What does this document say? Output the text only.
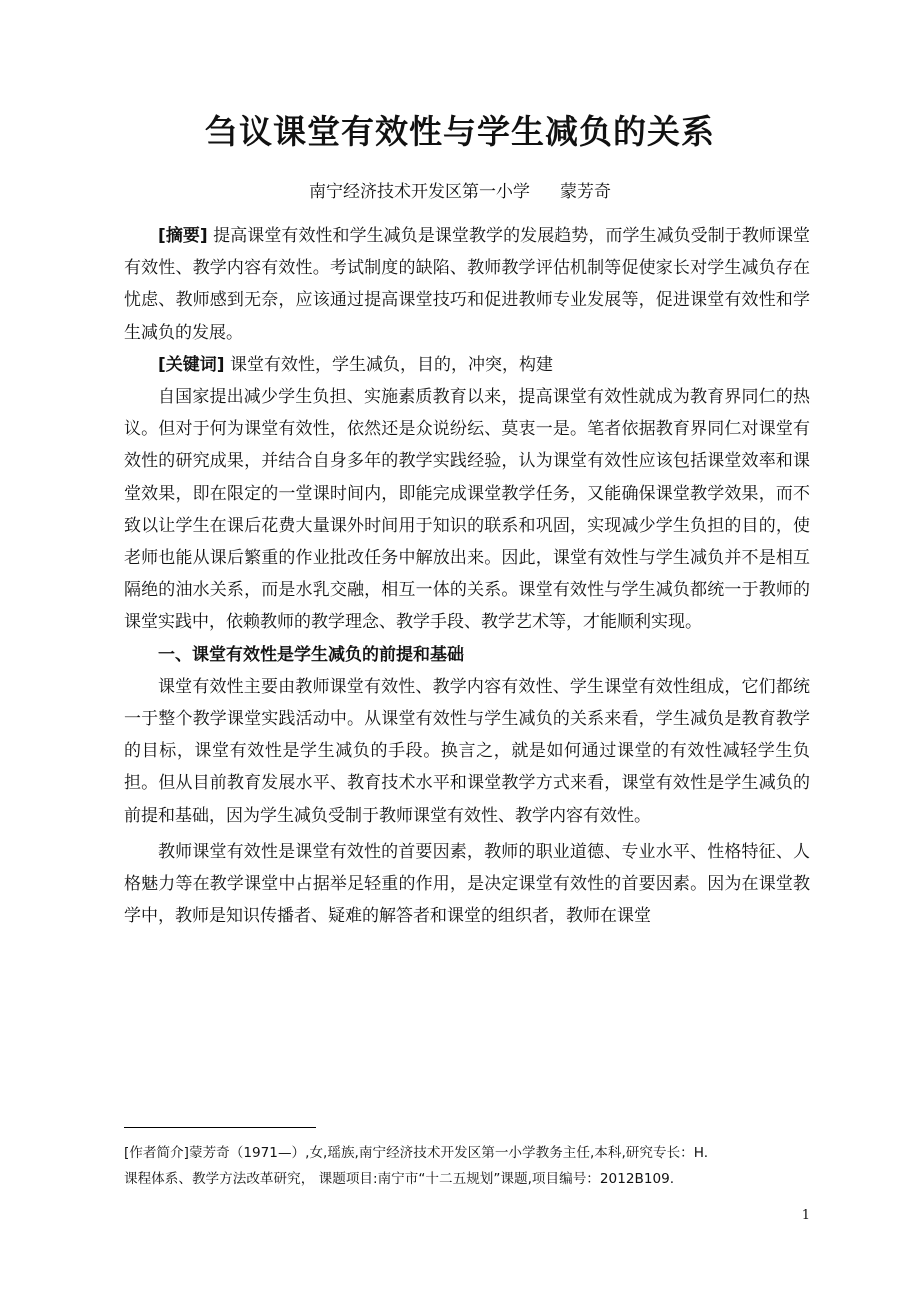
刍议课堂有效性与学生减负的关系
南宁经济技术开发区第一小学 蒙芳奇

[摘要] 提高课堂有效性和学生减负是课堂教学的发展趋势，而学生减负受制于教师课堂有效性、教学内容有效性。考试制度的缺陷、教师教学评估机制等促使家长对学生减负存在忧虑、教师感到无奈，应该通过提高课堂技巧和促进教师专业发展等，促进课堂有效性和学生减负的发展。

[关键词] 课堂有效性，学生减负，目的，冲突，构建

自国家提出减少学生负担、实施素质教育以来，提高课堂有效性就成为教育界同仁的热议。但对于何为课堂有效性，依然还是众说纷纭、莫衷一是。笔者依据教育界同仁对课堂有效性的研究成果，并结合自身多年的教学实践经验，认为课堂有效性应该包括课堂效率和课堂效果，即在限定的一堂课时间内，即能完成课堂教学任务，又能确保课堂教学效果，而不致以让学生在课后花费大量课外时间用于知识的联系和巩固，实现减少学生负担的目的，使老师也能从课后繁重的作业批改任务中解放出来。因此，课堂有效性与学生减负并不是相互隔绝的油水关系，而是水乳交融，相互一体的关系。课堂有效性与学生减负都统一于教师的课堂实践中，依赖教师的教学理念、教学手段、教学艺术等，才能顺利实现。

一、课堂有效性是学生减负的前提和基础

课堂有效性主要由教师课堂有效性、教学内容有效性、学生课堂有效性组成，它们都统一于整个教学课堂实践活动中。从课堂有效性与学生减负的关系来看，学生减负是教育教学的目标，课堂有效性是学生减负的手段。换言之，就是如何通过课堂的有效性减轻学生负担。但从目前教育发展水平、教育技术水平和课堂教学方式来看，课堂有效性是学生减负的前提和基础，因为学生减负受制于教师课堂有效性、教学内容有效性。

教师课堂有效性是课堂有效性的首要因素，教师的职业道德、专业水平、性格特征、人格魅力等在教学课堂中占据举足轻重的作用，是决定课堂有效性的首要因素。因为在课堂教学中，教师是知识传播者、疑难的解答者和课堂的组织者，教师在课堂

[作者简介]蒙芳奇（1971—）,女,瑶族,南宁经济技术开发区第一小学教务主任,本科,研究专长：H.

课程体系、教学方法改革研究， 课题项目:南宁市“十二五规划”课题,项目编号：2012B109.

1
